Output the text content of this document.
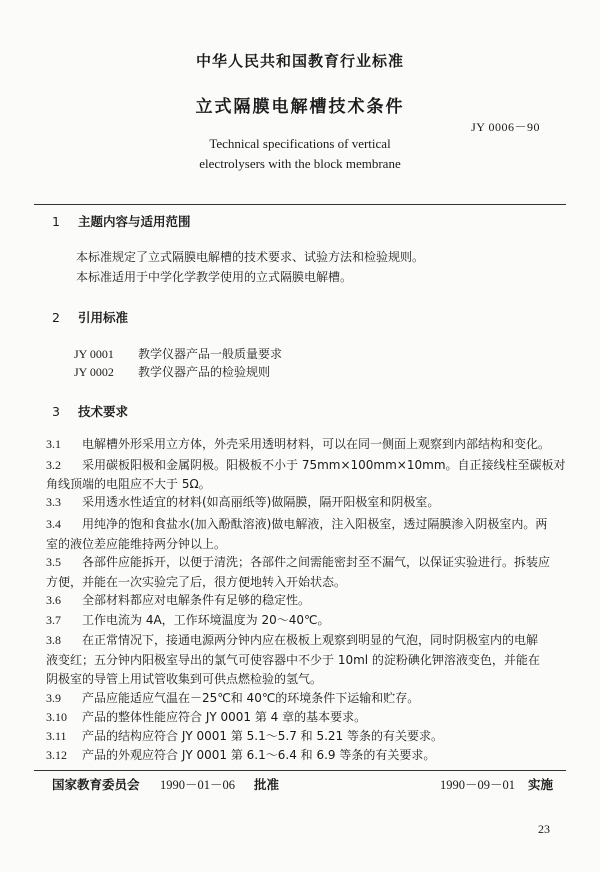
中华人民共和国教育行业标准
立式隔膜电解槽技术条件
JY 0006－90
Technical specifications of vertical
electrolysers with the block membrane
1 主题内容与适用范围
本标准规定了立式隔膜电解槽的技术要求、试验方法和检验规则。
本标准适用于中学化学教学使用的立式隔膜电解槽。
2 引用标准
JY 0001 教学仪器产品一般质量要求
JY 0002 教学仪器产品的检验规则
3 技术要求
3.1 电解槽外形采用立方体，外壳采用透明材料，可以在同一侧面上观察到内部结构和变化。
3.2 采用碳板阳极和金属阴极。阳极板不小于 75mm×100mm×10mm。自正接线柱至碳板对
角线顶端的电阻应不大于 5Ω。
3.3 采用透水性适宜的材料(如高丽纸等)做隔膜，隔开阳极室和阴极室。
3.4 用纯净的饱和食盐水(加入酚酞溶液)做电解液，注入阳极室，透过隔膜渗入阴极室内。两
室的液位差应能维持两分钟以上。
3.5 各部件应能拆开，以便于清洗；各部件之间需能密封至不漏气，以保证实验进行。拆装应
方便，并能在一次实验完了后，很方便地转入开始状态。
3.6 全部材料都应对电解条件有足够的稳定性。
3.7 工作电流为 4A，工作环境温度为 20～40℃。
3.8 在正常情况下，接通电源两分钟内应在极板上观察到明显的气泡，同时阴极室内的电解
液变红；五分钟内阳极室导出的氯气可使容器中不少于 10ml 的淀粉碘化钾溶液变色，并能在
阴极室的导管上用试管收集到可供点燃检验的氢气。
3.9 产品应能适应气温在－25℃和 40℃的环境条件下运输和贮存。
3.10 产品的整体性能应符合 JY 0001 第 4 章的基本要求。
3.11 产品的结构应符合 JY 0001 第 5.1～5.7 和 5.21 等条的有关要求。
3.12 产品的外观应符合 JY 0001 第 6.1～6.4 和 6.9 等条的有关要求。
国家教育委员会 1990－01－06 批准	1990－09－01 实施
23
